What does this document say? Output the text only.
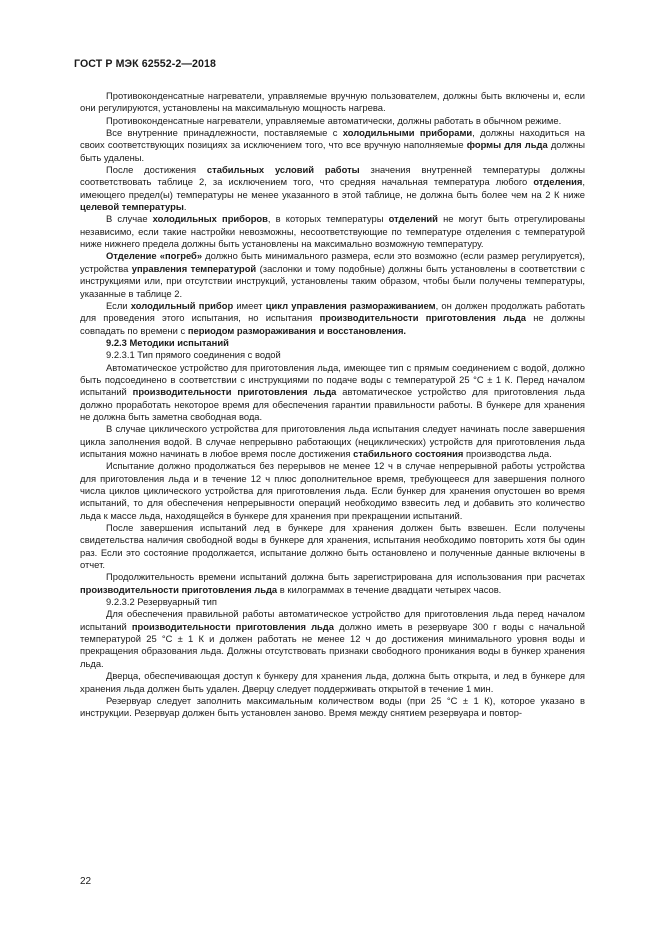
ГОСТ Р МЭК 62552-2—2018

Противоконденсатные нагреватели, управляемые вручную пользователем, должны быть включены и, если они регулируются, установлены на максимальную мощность нагрева.

Противоконденсатные нагреватели, управляемые автоматически, должны работать в обычном режиме.

Все внутренние принадлежности, поставляемые с холодильными приборами, должны находиться на своих соответствующих позициях за исключением того, что все вручную наполняемые формы для льда должны быть удалены.

После достижения стабильных условий работы значения внутренней температуры должны соответствовать таблице 2, за исключением того, что средняя начальная температура любого отделения, имеющего предел(ы) температуры не менее указанного в этой таблице, не должна быть более чем на 2 К ниже целевой температуры.

В случае холодильных приборов, в которых температуры отделений не могут быть отрегулированы независимо, если такие настройки невозможны, несоответствующие по температуре отделения с температурой ниже нижнего предела должны быть установлены на максимально возможную температуру.

Отделение «погреб» должно быть минимального размера, если это возможно (если размер регулируется), устройства управления температурой (заслонки и тому подобные) должны быть установлены в соответствии с инструкциями или, при отсутствии инструкций, установлены таким образом, чтобы были получены температуры, указанные в таблице 2.

Если холодильный прибор имеет цикл управления размораживанием, он должен продолжать работать для проведения этого испытания, но испытания производительности приготовления льда не должны совпадать по времени с периодом размораживания и восстановления.

9.2.3 Методики испытаний

9.2.3.1 Тип прямого соединения с водой

Автоматическое устройство для приготовления льда, имеющее тип с прямым соединением с водой, должно быть подсоединено в соответствии с инструкциями по подаче воды с температурой 25 °С ± 1 К. Перед началом испытаний производительности приготовления льда автоматическое устройство для приготовления льда должно проработать некоторое время для обеспечения гарантии правильности работы. В бункере для хранения не должна быть заметна свободная вода.

В случае циклического устройства для приготовления льда испытания следует начинать после завершения цикла заполнения водой. В случае непрерывно работающих (нециклических) устройств для приготовления льда испытания можно начинать в любое время после достижения стабильного состояния производства льда.

Испытание должно продолжаться без перерывов не менее 12 ч в случае непрерывной работы устройства для приготовления льда и в течение 12 ч плюс дополнительное время, требующееся для завершения полного числа циклов циклического устройства для приготовления льда. Если бункер для хранения опустошен во время испытаний, то для обеспечения непрерывности операций необходимо взвесить лед и добавить это количество льда к массе льда, находящейся в бункере для хранения при прекращении испытаний.

После завершения испытаний лед в бункере для хранения должен быть взвешен. Если получены свидетельства наличия свободной воды в бункере для хранения, испытания необходимо повторить хотя бы один раз. Если это состояние продолжается, испытание должно быть остановлено и полученные данные включены в отчет.

Продолжительность времени испытаний должна быть зарегистрирована для использования при расчетах производительности приготовления льда в килограммах в течение двадцати четырех часов.

9.2.3.2 Резервуарный тип

Для обеспечения правильной работы автоматическое устройство для приготовления льда перед началом испытаний производительности приготовления льда должно иметь в резервуаре 300 г воды с начальной температурой 25 °С ± 1 К и должен работать не менее 12 ч до достижения минимального уровня воды и прекращения образования льда. Должны отсутствовать признаки свободного проникания воды в бункер хранения льда.

Дверца, обеспечивающая доступ к бункеру для хранения льда, должна быть открыта, и лед в бункере для хранения льда должен быть удален. Дверцу следует поддерживать открытой в течение 1 мин.

Резервуар следует заполнить максимальным количеством воды (при 25 °С ± 1 К), которое указано в инструкции. Резервуар должен быть установлен заново. Время между снятием резервуара и повтор-

22
